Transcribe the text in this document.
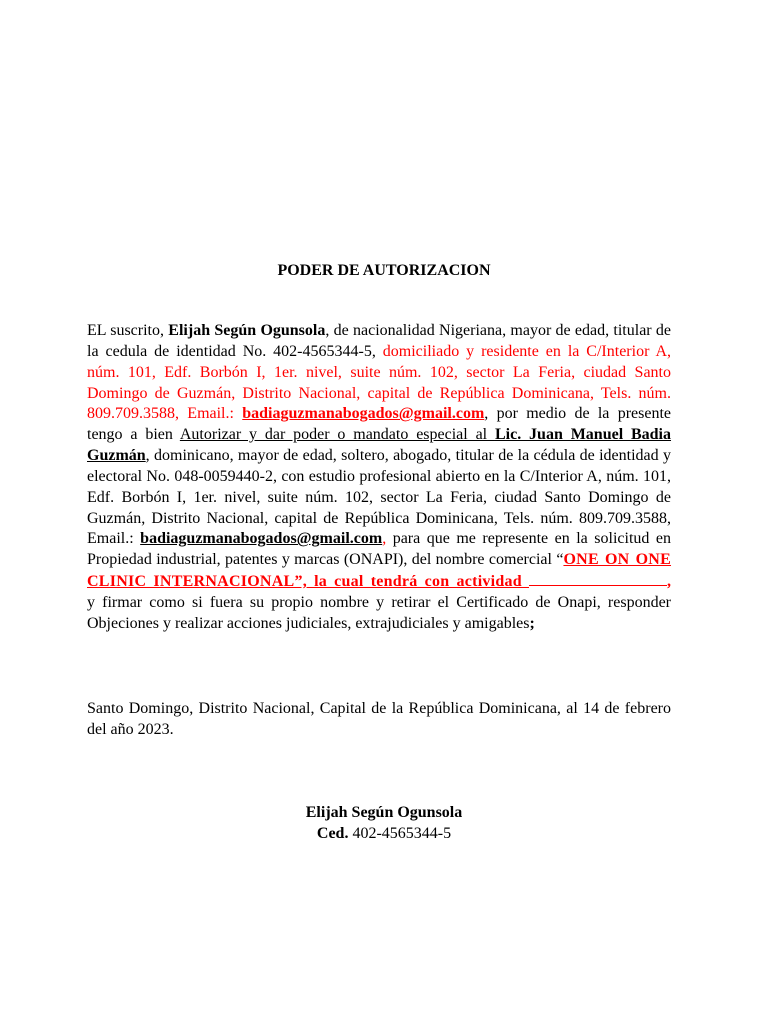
PODER DE AUTORIZACION
EL suscrito, Elijah Según Ogunsola, de nacionalidad Nigeriana, mayor de edad, titular de la cedula de identidad No. 402-4565344-5, domiciliado y residente en la C/Interior A, núm. 101, Edf. Borbón I, 1er. nivel, suite núm. 102, sector La Feria, ciudad Santo Domingo de Guzmán, Distrito Nacional, capital de República Dominicana, Tels. núm. 809.709.3588, Email.: badiaguzmanabogados@gmail.com, por medio de la presente tengo a bien Autorizar y dar poder o mandato especial al Lic. Juan Manuel Badia Guzmán, dominicano, mayor de edad, soltero, abogado, titular de la cédula de identidad y electoral No. 048-0059440-2, con estudio profesional abierto en la C/Interior A, núm. 101, Edf. Borbón I, 1er. nivel, suite núm. 102, sector La Feria, ciudad Santo Domingo de Guzmán, Distrito Nacional, capital de República Dominicana, Tels. núm. 809.709.3588, Email.: badiaguzmanabogados@gmail.com, para que me represente en la solicitud en Propiedad industrial, patentes y marcas (ONAPI), del nombre comercial “ONE ON ONE CLINIC INTERNACIONAL”, la cual tendrá con actividad	, y firmar como si fuera su propio nombre y retirar el Certificado de Onapi, responder Objeciones y realizar acciones judiciales, extrajudiciales y amigables;
Santo Domingo, Distrito Nacional, Capital de la República Dominicana, al 14 de febrero del año 2023.
Elijah Según Ogunsola
Ced. 402-4565344-5
